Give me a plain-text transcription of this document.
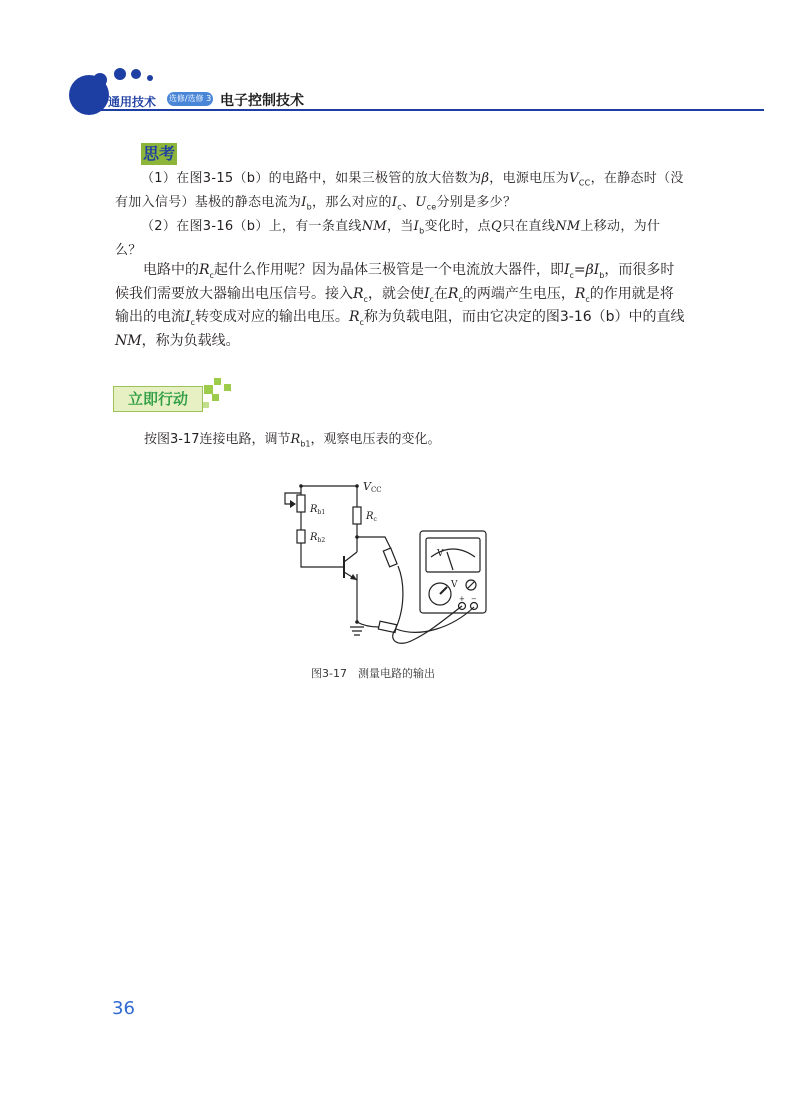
通用技术 选修/选修 3 电子控制技术
思考
（1）在图3-15（b）的电路中，如果三极管的放大倍数为β，电源电压为$V_{CC}$，在静态时（没有加入信号）基极的静态电流为$I_b$，那么对应的$I_c$、$U_{ce}$分别是多少？
（2）在图3-16（b）上，有一条直线NM，当$I_b$变化时，点Q只在直线NM上移动，为什么？

电路中的$R_c$起什么作用呢？因为晶体三极管是一个电流放大器件，即$I_c=\beta I_b$，而很多时候我们需要放大器输出电压信号。接入$R_c$，就会使$I_c$在$R_c$的两端产生电压，$R_c$的作用就是将输出的电流$I_c$转变成对应的输出电压。$R_c$称为负载电阻，而由它决定的图3-16（b）中的直线NM，称为负载线。

立即行动
按图3-17连接电路，调节$R_{b1}$，观察电压表的变化。
VCC
$R_{b1}$
$R_{b2}$
$R_c$
V
V
+ −
图3-17　测量电路的输出
36
